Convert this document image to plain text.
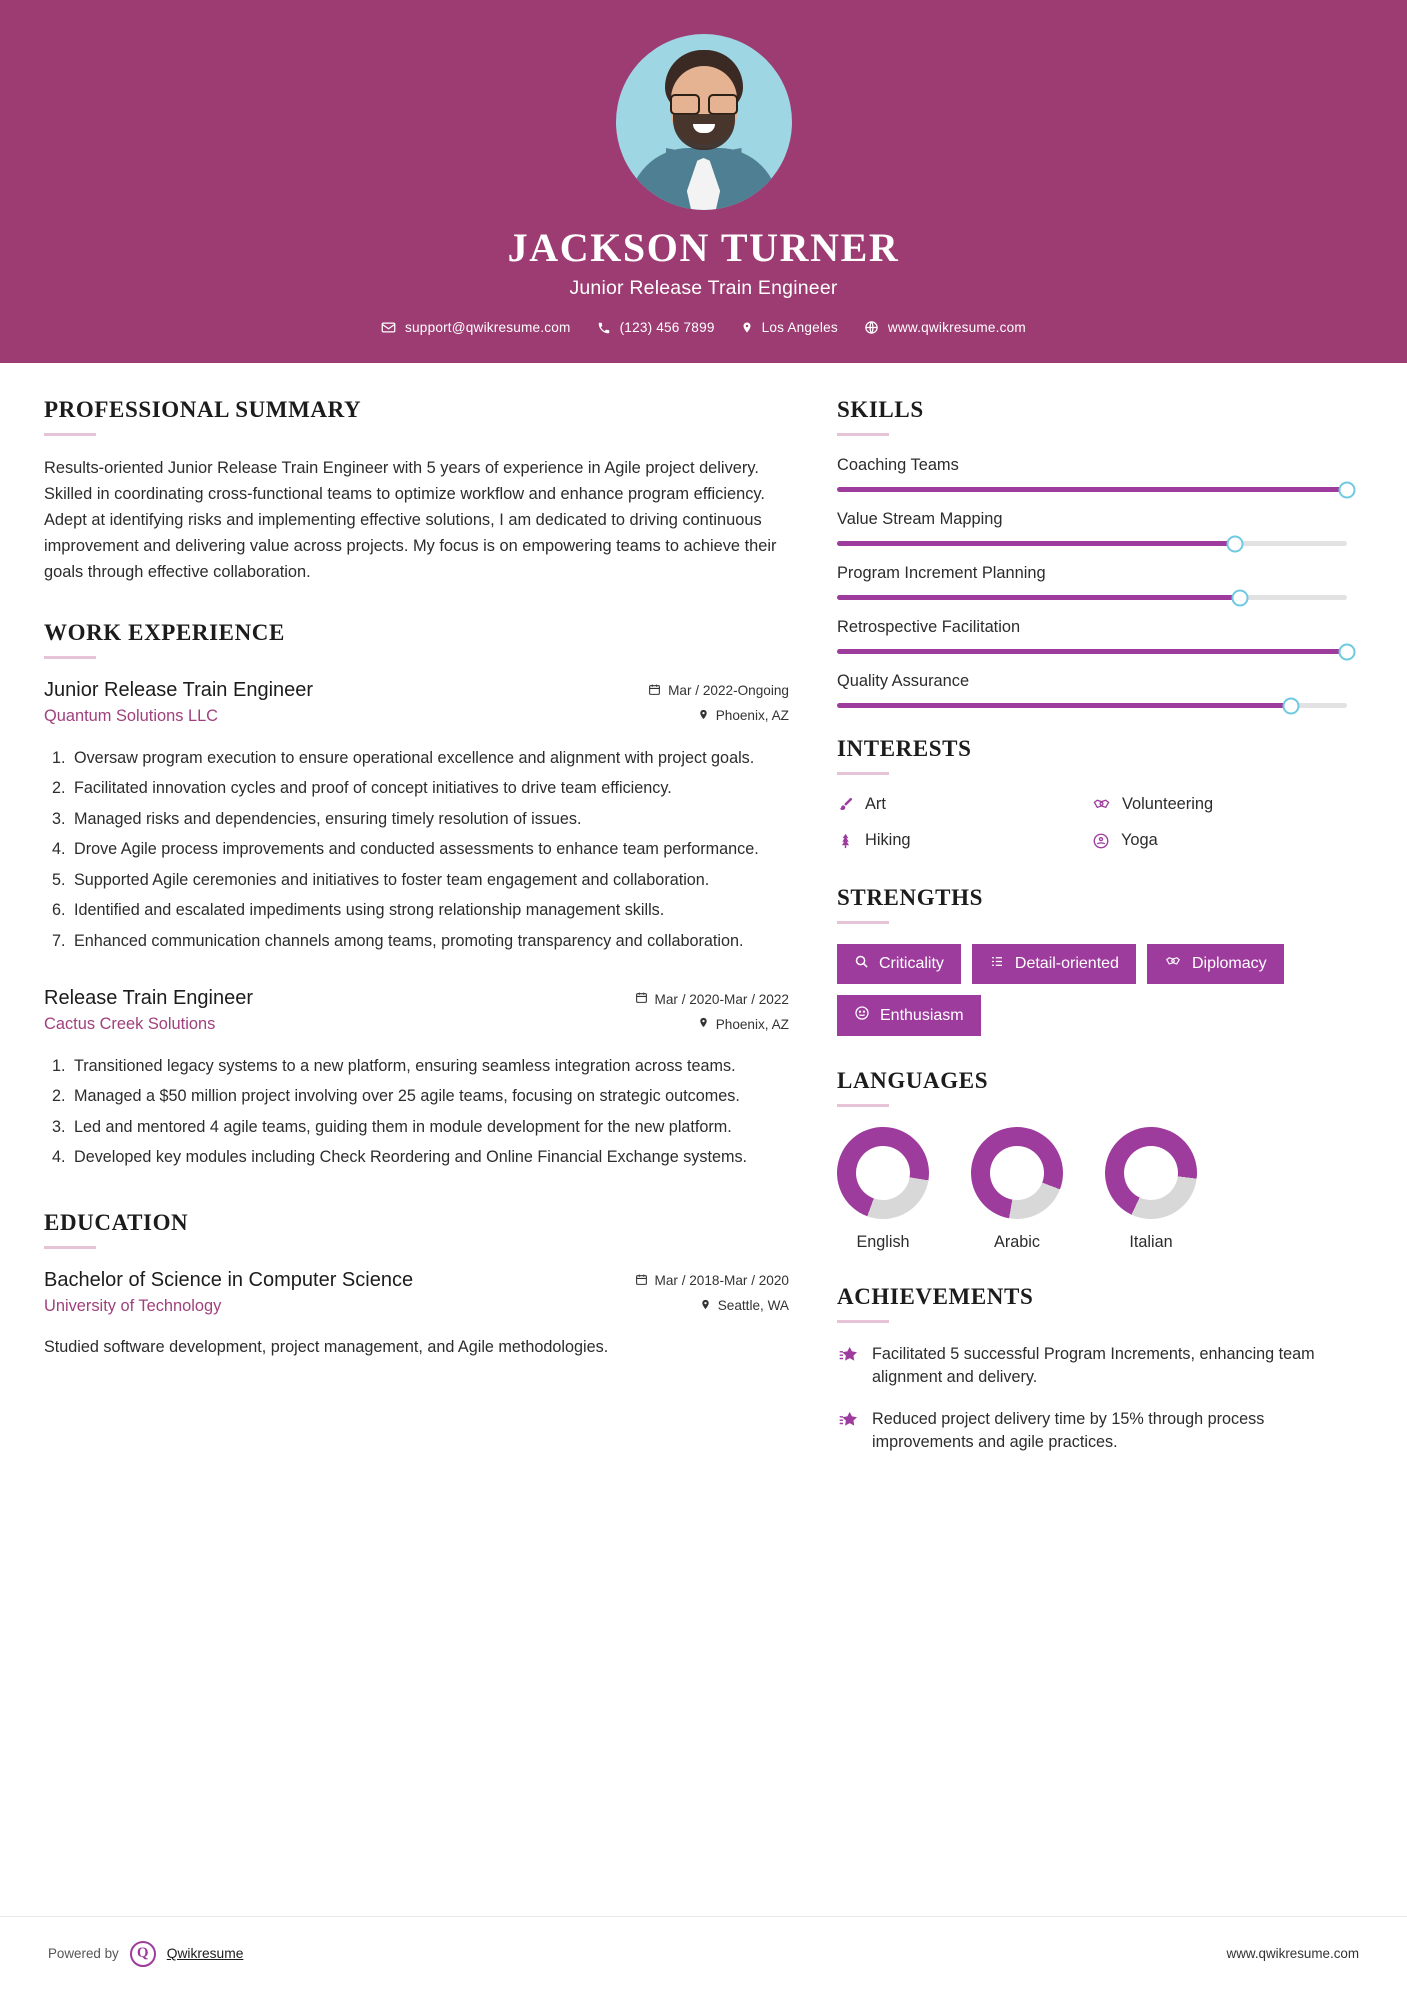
JACKSON TURNER
Junior Release Train Engineer
support@qwikresume.com	(123) 456 7899	Los Angeles	www.qwikresume.com
PROFESSIONAL SUMMARY
Results-oriented Junior Release Train Engineer with 5 years of experience in Agile project delivery. Skilled in coordinating cross-functional teams to optimize workflow and enhance program efficiency. Adept at identifying risks and implementing effective solutions, I am dedicated to driving continuous improvement and delivering value across projects. My focus is on empowering teams to achieve their goals through effective collaboration.
WORK EXPERIENCE
Junior Release Train Engineer
Quantum Solutions LLC
Mar / 2022-Ongoing
Phoenix, AZ
1. Oversaw program execution to ensure operational excellence and alignment with project goals.
2. Facilitated innovation cycles and proof of concept initiatives to drive team efficiency.
3. Managed risks and dependencies, ensuring timely resolution of issues.
4. Drove Agile process improvements and conducted assessments to enhance team performance.
5. Supported Agile ceremonies and initiatives to foster team engagement and collaboration.
6. Identified and escalated impediments using strong relationship management skills.
7. Enhanced communication channels among teams, promoting transparency and collaboration.
Release Train Engineer
Cactus Creek Solutions
Mar / 2020-Mar / 2022
Phoenix, AZ
1. Transitioned legacy systems to a new platform, ensuring seamless integration across teams.
2. Managed a $50 million project involving over 25 agile teams, focusing on strategic outcomes.
3. Led and mentored 4 agile teams, guiding them in module development for the new platform.
4. Developed key modules including Check Reordering and Online Financial Exchange systems.
EDUCATION
Bachelor of Science in Computer Science
University of Technology
Mar / 2018-Mar / 2020
Seattle, WA
Studied software development, project management, and Agile methodologies.
SKILLS
Coaching Teams
Value Stream Mapping
Program Increment Planning
Retrospective Facilitation
Quality Assurance
INTERESTS
Art	Volunteering
Hiking	Yoga
STRENGTHS
Criticality	Detail-oriented	Diplomacy
Enthusiasm
LANGUAGES
English	Arabic	Italian
ACHIEVEMENTS
Facilitated 5 successful Program Increments, enhancing team alignment and delivery.
Reduced project delivery time by 15% through process improvements and agile practices.
Powered by	Q	Qwikresume	www.qwikresume.com
